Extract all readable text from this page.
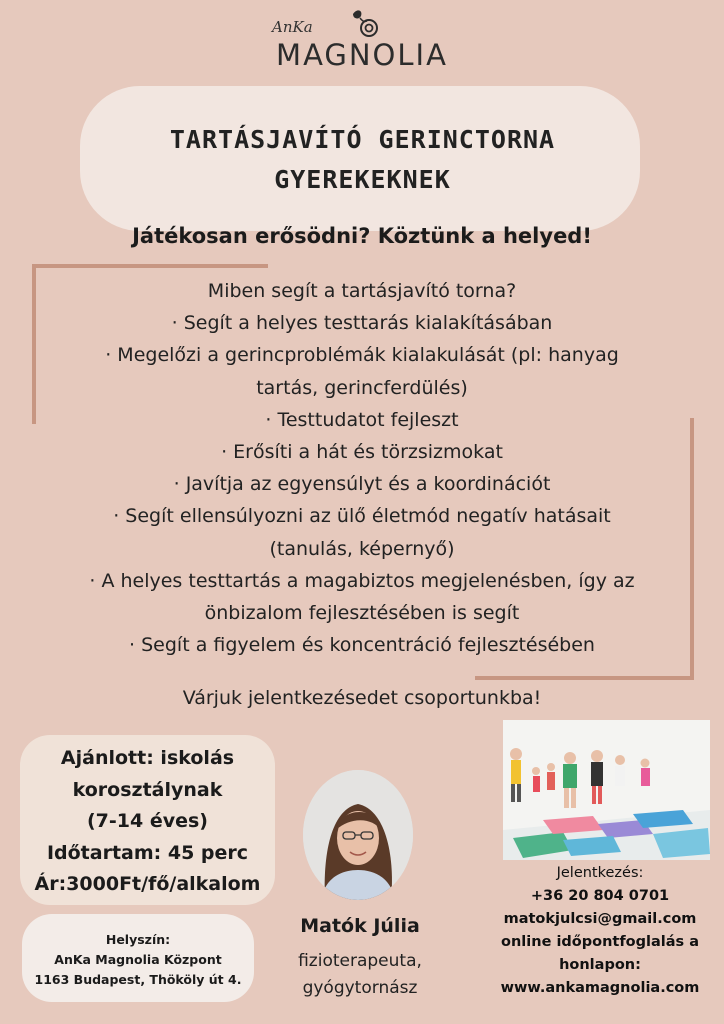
AnKa
MAGNOLIA
TARTÁSJAVÍTÓ GERINCTORNA
GYEREKEKNEK
Játékosan erősödni? Köztünk a helyed!
Miben segít a tartásjavító torna?
· Segít a helyes testtarás kialakításában
· Megelőzi a gerincproblémák kialakulását (pl: hanyag
tartás, gerincferdülés)
· Testtudatot fejleszt
· Erősíti a hát és törzsizmokat
· Javítja az egyensúlyt és a koordinációt
· Segít ellensúlyozni az ülő életmód negatív hatásait
(tanulás, képernyő)
· A helyes testtartás a magabiztos megjelenésben, így az
önbizalom fejlesztésében is segít
· Segít a figyelem és koncentráció fejlesztésében
Várjuk jelentkezésedet csoportunkba!
Ajánlott: iskolás
korosztálynak
(7-14 éves)
Időtartam: 45 perc
Ár:3000Ft/fő/alkalom
Helyszín:
AnKa Magnolia Központ
1163 Budapest, Thököly út 4.
Matók Júlia
fizioterapeuta,
gyógytornász
Jelentkezés:
+36 20 804 0701
matokjulcsi@gmail.com
online időpontfoglalás a
honlapon:
www.ankamagnolia.com
